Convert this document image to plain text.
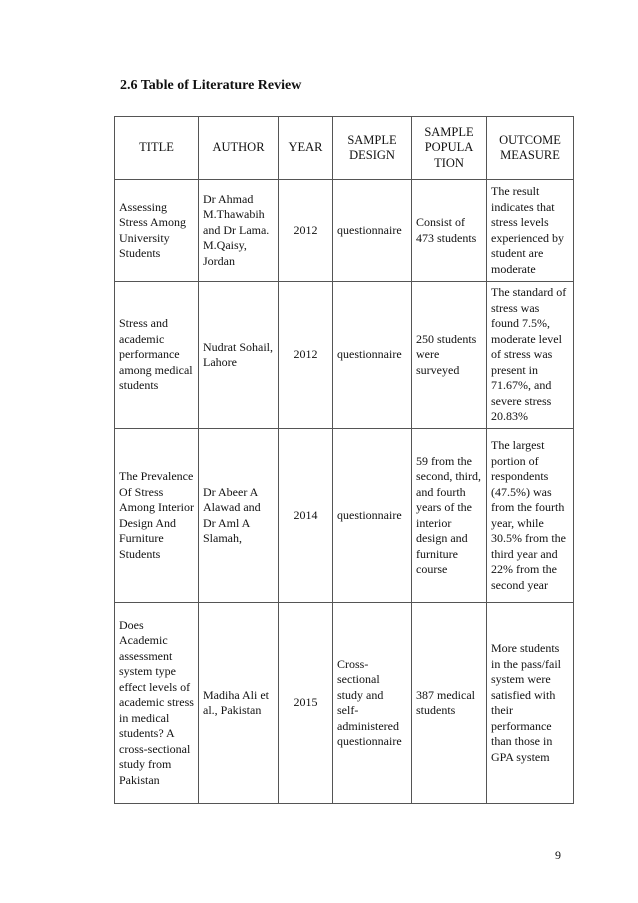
2.6 Table of Literature Review
TITLE	AUTHOR	YEAR	SAMPLE DESIGN	SAMPLE POPULA TION	OUTCOME MEASURE
Assessing Stress Among University Students	Dr Ahmad M.Thawabih and Dr Lama. M.Qaisy, Jordan	2012	questionnaire	Consist of 473 students	The result indicates that stress levels experienced by student are moderate
Stress and academic performance among medical students	Nudrat Sohail, Lahore	2012	questionnaire	250 students were surveyed	The standard of stress was found 7.5%, moderate level of stress was present in 71.67%, and severe stress 20.83%
The Prevalence Of Stress Among Interior Design And Furniture Students	Dr Abeer A Alawad and Dr Aml A Slamah,	2014	questionnaire	59 from the second, third, and fourth years of the interior design and furniture course	The largest portion of respondents (47.5%) was from the fourth year, while 30.5% from the third year and 22% from the second year
Does Academic assessment system type effect levels of academic stress in medical students? A cross-sectional study from Pakistan	Madiha Ali et al., Pakistan	2015	Cross-sectional study and self-administered questionnaire	387 medical students	More students in the pass/fail system were satisfied with their performance than those in GPA system
9
